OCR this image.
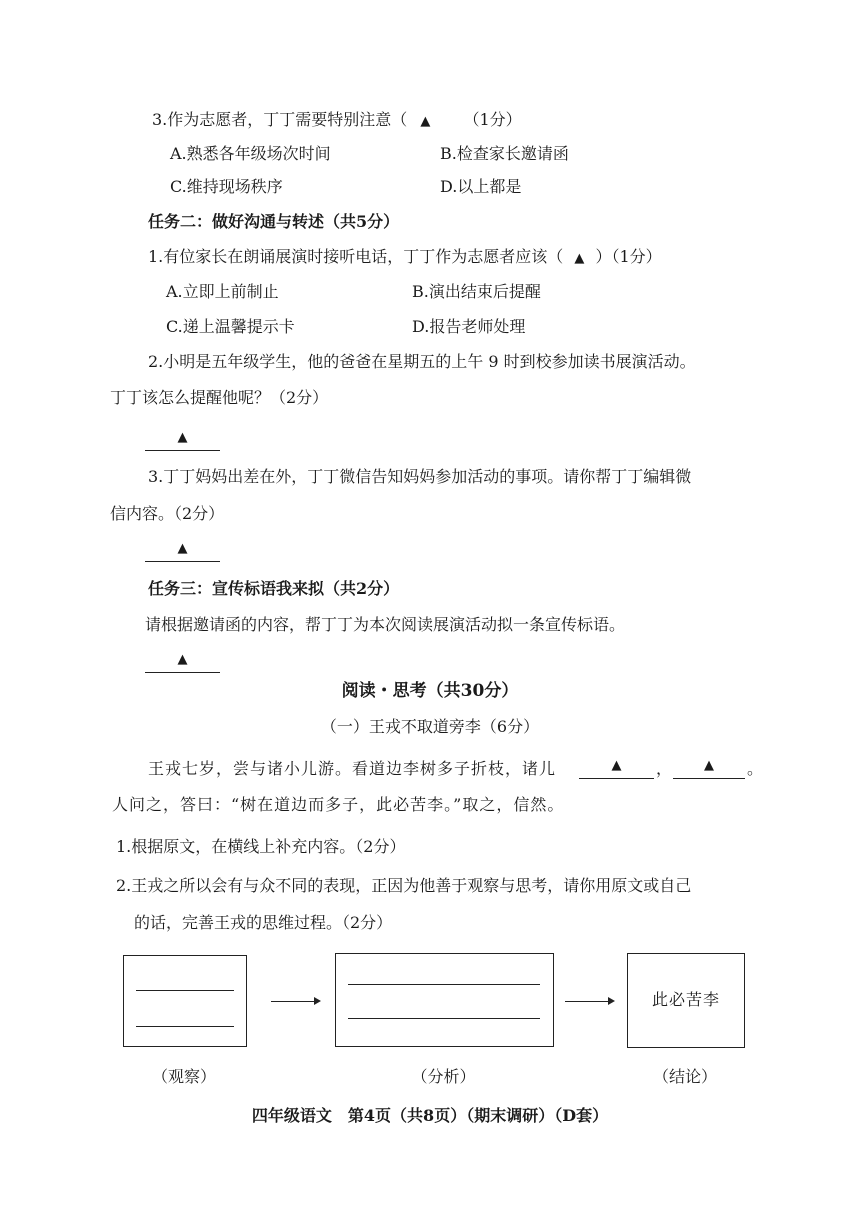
3.作为志愿者，丁丁需要特别注意（ ▲ （1分）
A.熟悉各年级场次时间	B.检查家长邀请函
C.维持现场秩序	D.以上都是
任务二：做好沟通与转述（共5分）
1.有位家长在朗诵展演时接听电话，丁丁作为志愿者应该（ ▲ ）（1分）
A.立即上前制止	B.演出结束后提醒
C.递上温馨提示卡	D.报告老师处理
2.小明是五年级学生，他的爸爸在星期五的上午 9 时到校参加读书展演活动。
丁丁该怎么提醒他呢？（2分）
▲
3.丁丁妈妈出差在外，丁丁微信告知妈妈参加活动的事项。请你帮丁丁编辑微
信内容。（2分）
▲
任务三：宣传标语我来拟（共2分）
请根据邀请函的内容，帮丁丁为本次阅读展演活动拟一条宣传标语。
▲
阅读・思考（共30分）
（一）王戎不取道旁李（6分）
王戎七岁，尝与诸小儿游。看道边李树多子折枝，诸儿	▲	，	▲	。
人问之，答曰：“树在道边而多子，此必苦李。”取之，信然。
1.根据原文，在横线上补充内容。（2分）
2.王戎之所以会有与众不同的表现，正因为他善于观察与思考，请你用原文或自己
的话，完善王戎的思维过程。（2分）
此必苦李
（观察）	（分析）	（结论）
四年级语文　第4页（共8页）（期末调研）（D套）
